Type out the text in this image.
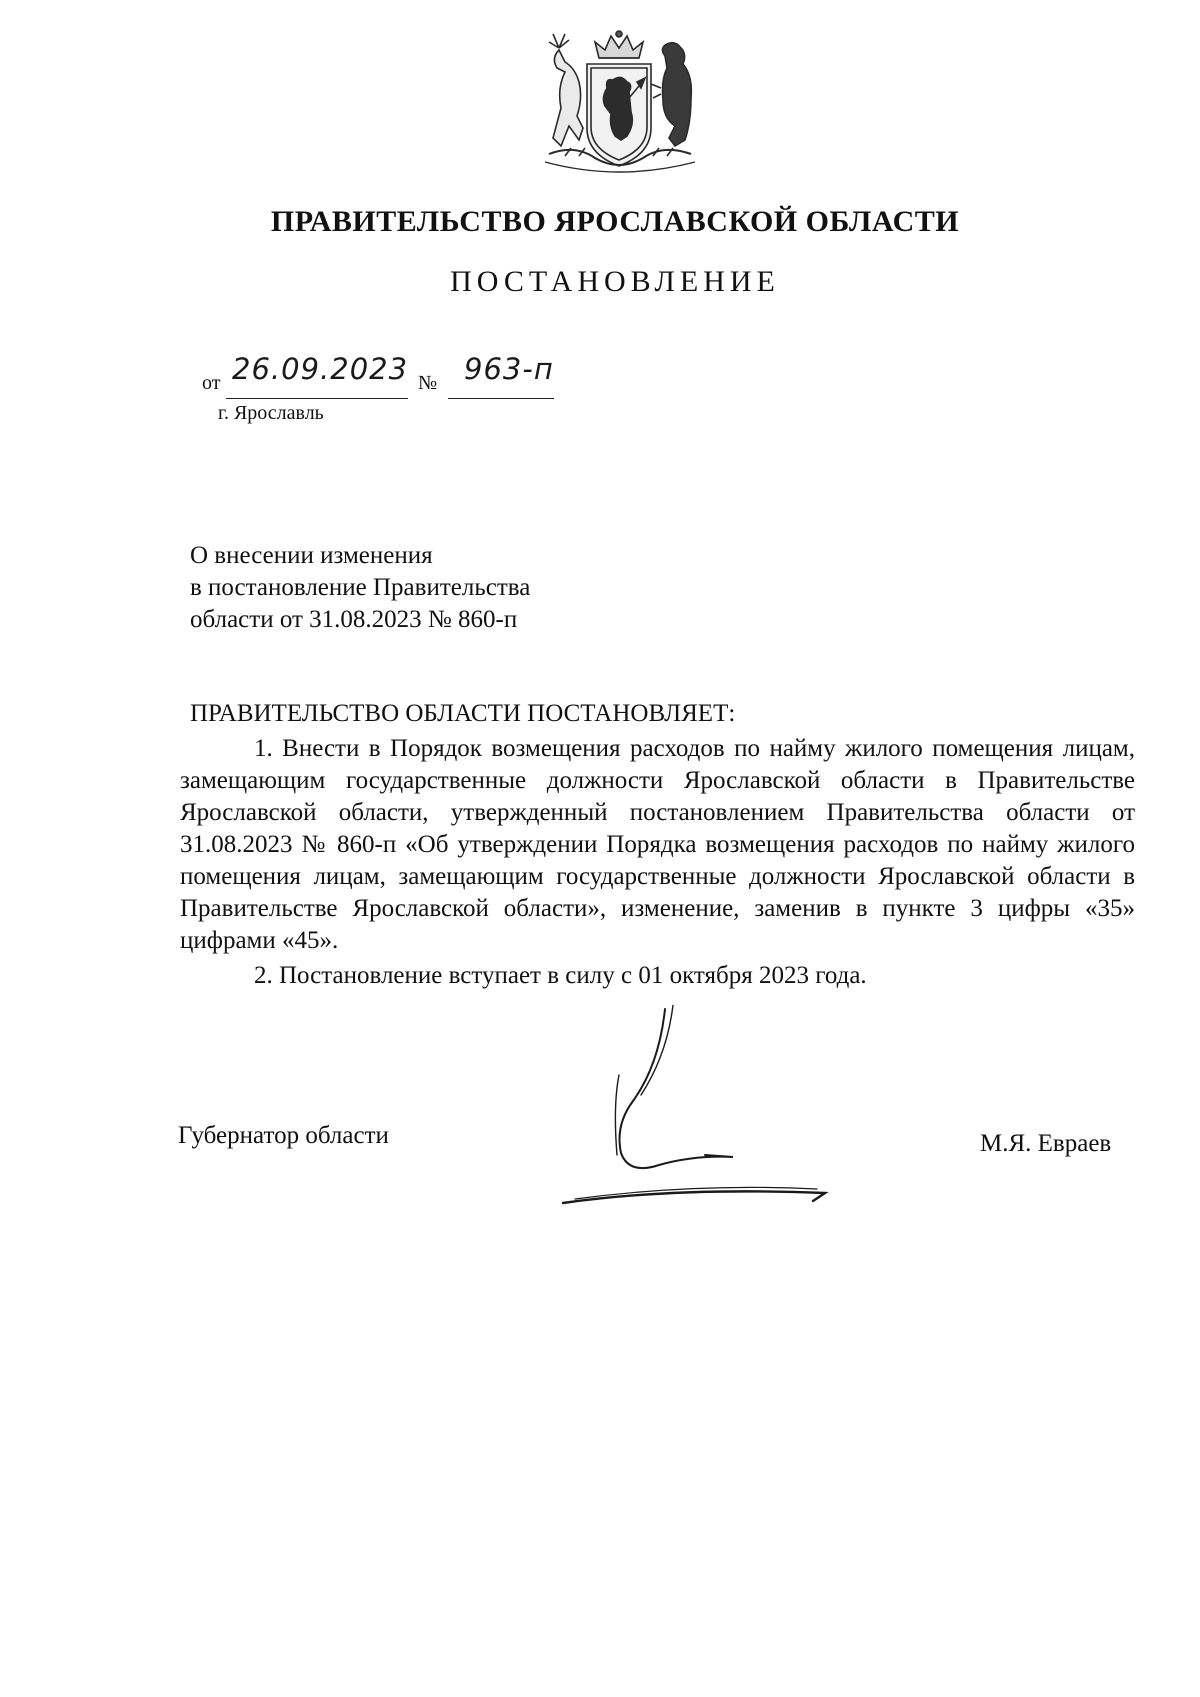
ПРАВИТЕЛЬСТВО ЯРОСЛАВСКОЙ ОБЛАСТИ
ПОСТАНОВЛЕНИЕ
от 26.09.2023 № 963-п
г. Ярославль
О внесении изменения
в постановление Правительства
области от 31.08.2023 № 860-п
ПРАВИТЕЛЬСТВО ОБЛАСТИ ПОСТАНОВЛЯЕТ:

1. Внести в Порядок возмещения расходов по найму жилого помещения лицам, замещающим государственные должности Ярославской области в Правительстве Ярославской области, утвержденный постановлением Правительства области от 31.08.2023 № 860-п «Об утверждении Порядка возмещения расходов по найму жилого помещения лицам, замещающим государственные должности Ярославской области в Правительстве Ярославской области», изменение, заменив в пункте 3 цифры «35» цифрами «45».

2. Постановление вступает в силу с 01 октября 2023 года.

Губернатор области	М.Я. Евраев
